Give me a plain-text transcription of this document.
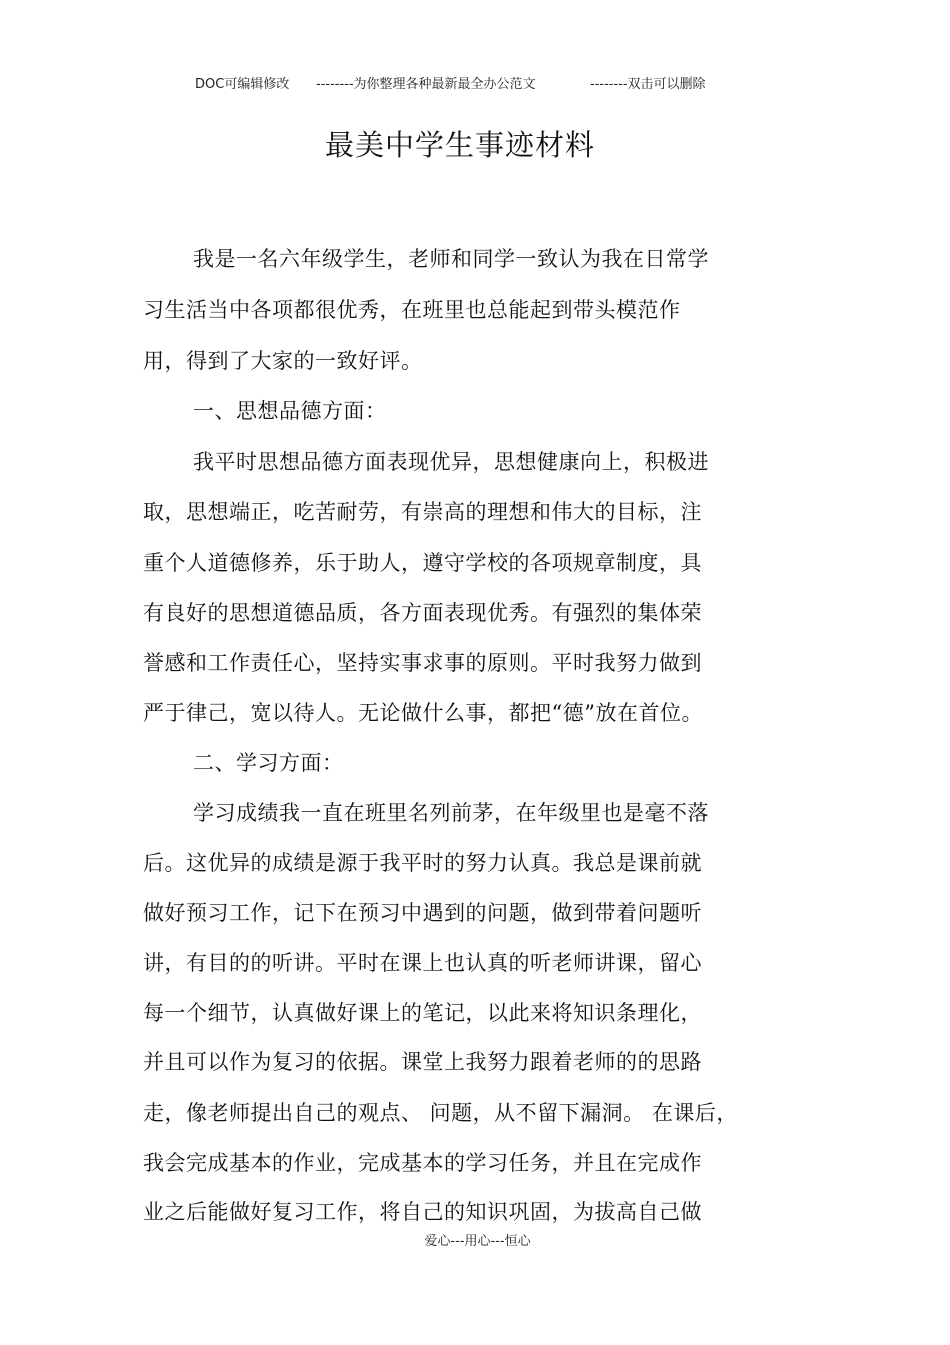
DOC可编辑修改 --------为你整理各种最新最全办公范文	--------双击可以删除
最美中学生事迹材料
我是一名六年级学生，老师和同学一致认为我在日常学
习生活当中各项都很优秀，在班里也总能起到带头模范作
用，得到了大家的一致好评。
一、思想品德方面：
我平时思想品德方面表现优异，思想健康向上，积极进
取，思想端正，吃苦耐劳，有崇高的理想和伟大的目标，注
重个人道德修养，乐于助人，遵守学校的各项规章制度，具
有良好的思想道德品质，各方面表现优秀。有强烈的集体荣
誉感和工作责任心，坚持实事求事的原则。平时我努力做到
严于律己，宽以待人。无论做什么事，都把“德”放在首位。
二、学习方面：
学习成绩我一直在班里名列前茅，在年级里也是毫不落
后。这优异的成绩是源于我平时的努力认真。我总是课前就
做好预习工作，记下在预习中遇到的问题，做到带着问题听
讲，有目的的听讲。平时在课上也认真的听老师讲课，留心
每一个细节，认真做好课上的笔记，以此来将知识条理化，
并且可以作为复习的依据。课堂上我努力跟着老师的的思路
走，像老师提出自己的观点、 问题，从不留下漏洞。 在课后，
我会完成基本的作业，完成基本的学习任务，并且在完成作
业之后能做好复习工作，将自己的知识巩固，为拔高自己做
爱心---用心---恒心
